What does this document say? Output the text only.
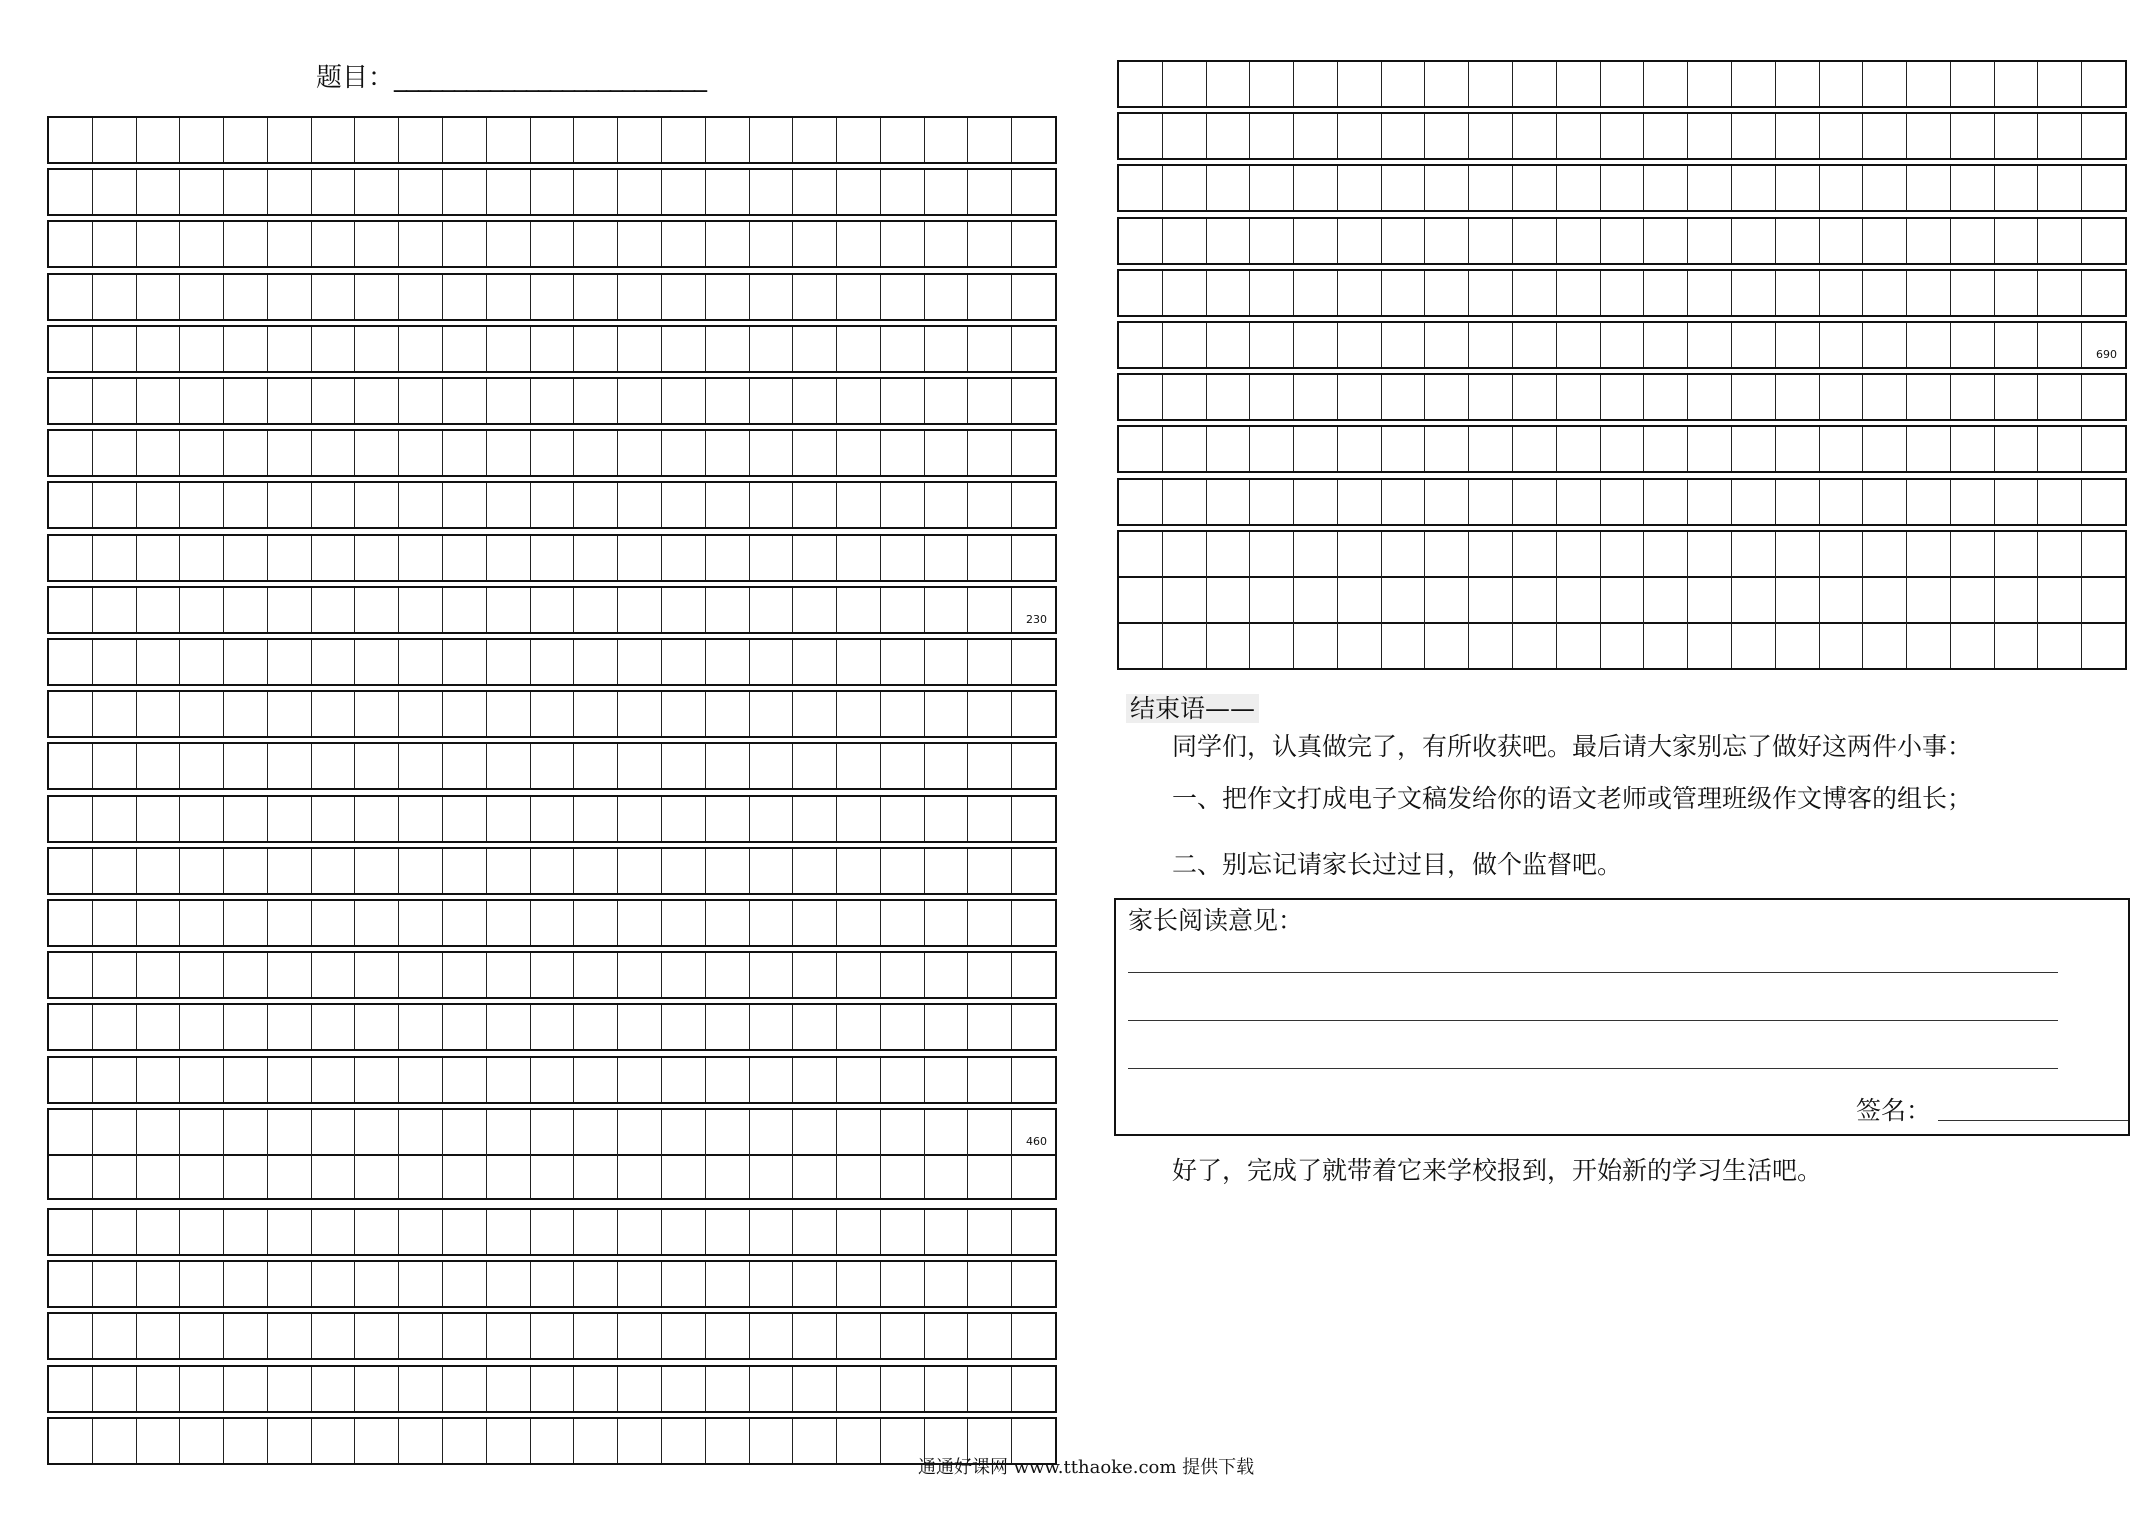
题目：__________________________
230
460
690
结束语——
同学们，认真做完了，有所收获吧。最后请大家别忘了做好这两件小事：
一、把作文打成电子文稿发给你的语文老师或管理班级作文博客的组长；
二、别忘记请家长过过目，做个监督吧。
家长阅读意见：
签名：
好了，完成了就带着它来学校报到，开始新的学习生活吧。
通通好课网 www.tthaoke.com 提供下载
